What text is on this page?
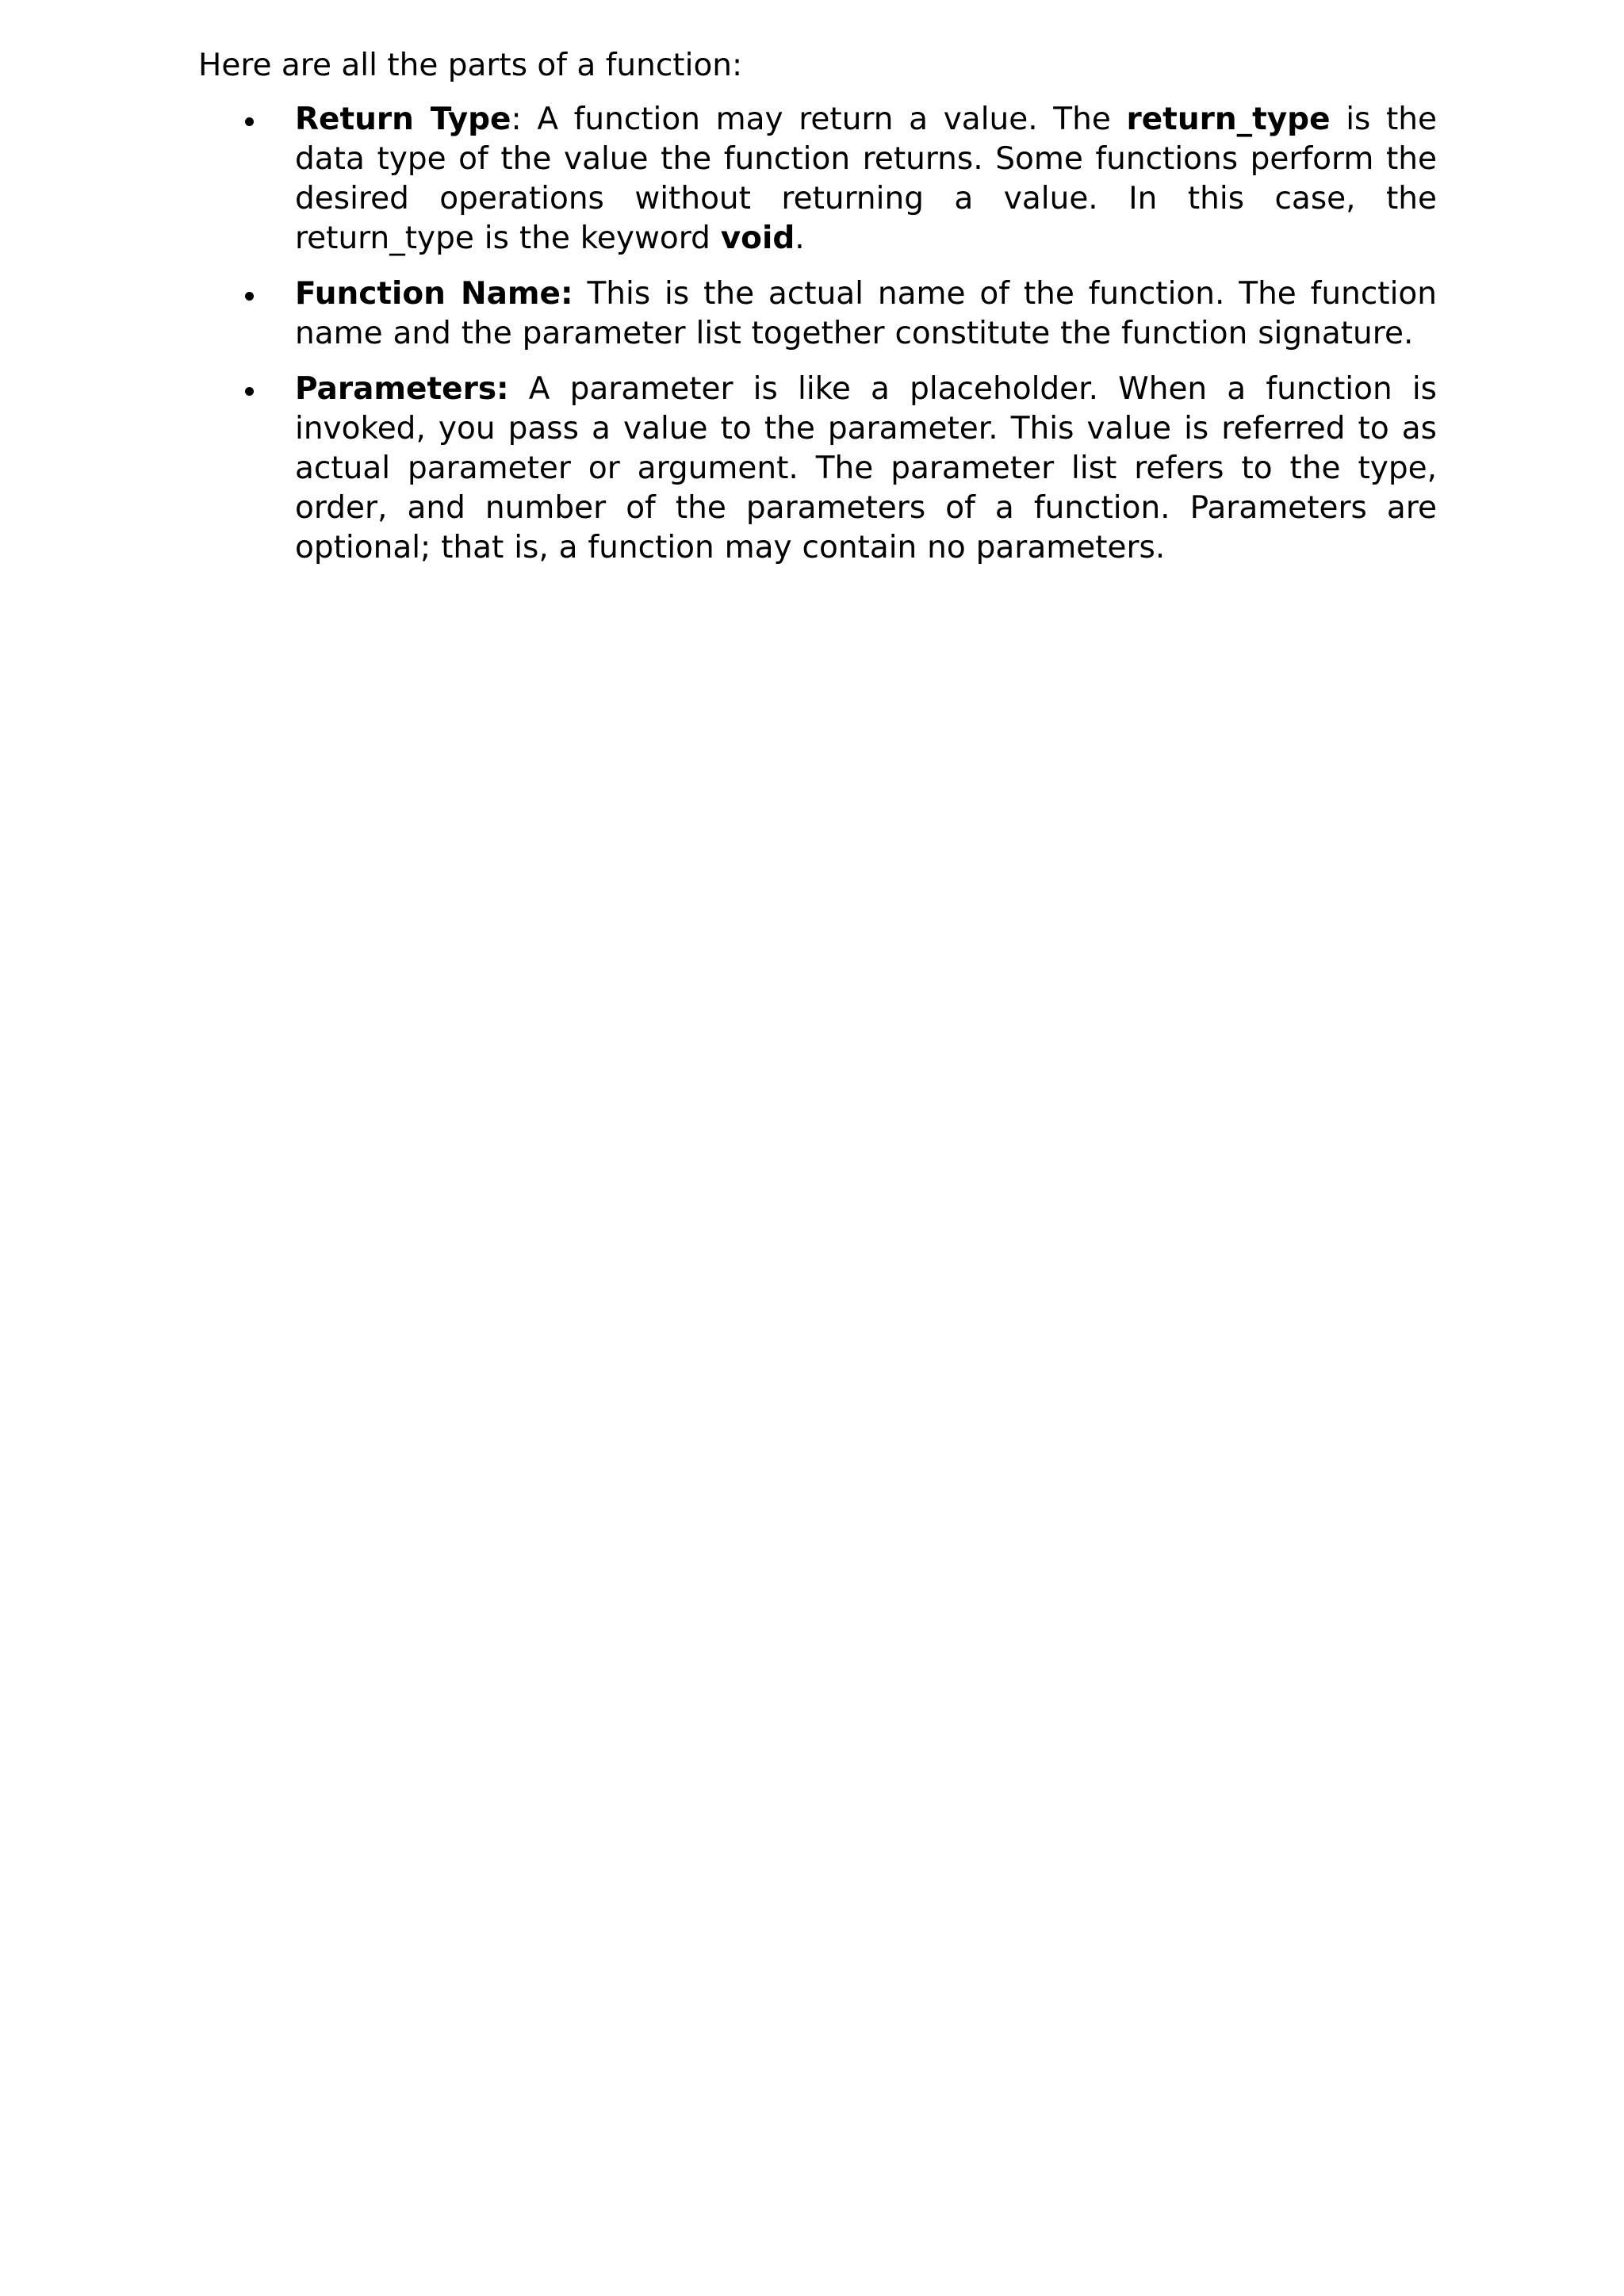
Here are all the parts of a function:

Return Type: A function may return a value. The return_type is the data type of the value the function returns. Some functions perform the desired operations without returning a value. In this case, the return_type is the keyword void.

Function Name: This is the actual name of the function. The function name and the parameter list together constitute the function signature.

Parameters: A parameter is like a placeholder. When a function is invoked, you pass a value to the parameter. This value is referred to as actual parameter or argument. The parameter list refers to the type, order, and number of the parameters of a function. Parameters are optional; that is, a function may contain no parameters.
